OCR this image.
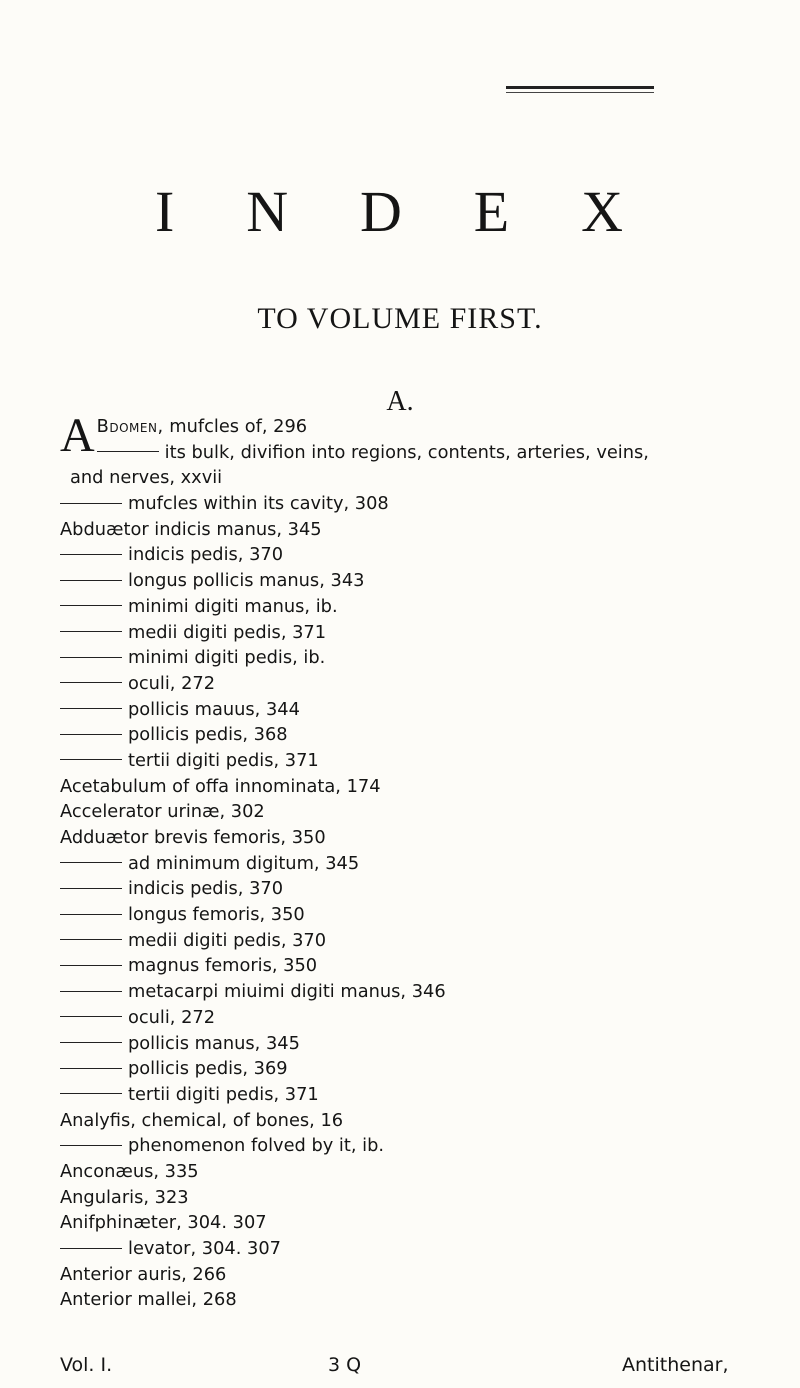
I N D E X
TO VOLUME FIRST.
A.
A Bdomen, mufcles of, 296
its bulk, divifion into regions, contents, arteries, veins,
and nerves, xxvii
mufcles within its cavity, 308
Abduætor indicis manus, 345
indicis pedis, 370
longus pollicis manus, 343
minimi digiti manus, ib.
medii digiti pedis, 371
minimi digiti pedis, ib.
oculi, 272
pollicis mauus, 344
pollicis pedis, 368
tertii digiti pedis, 371
Acetabulum of offa innominata, 174
Accelerator urinæ, 302
Adduætor brevis femoris, 350
ad minimum digitum, 345
indicis pedis, 370
longus femoris, 350
medii digiti pedis, 370
magnus femoris, 350
metacarpi miuimi digiti manus, 346
oculi, 272
pollicis manus, 345
pollicis pedis, 369
tertii digiti pedis, 371
Analyfis, chemical, of bones, 16
phenomenon folved by it, ib.
Anconæus, 335
Angularis, 323
Anifphinæter, 304. 307
levator, 304. 307
Anterior auris, 266
Anterior mallei, 268
Vol. I.	3 Q	Antithenar,
